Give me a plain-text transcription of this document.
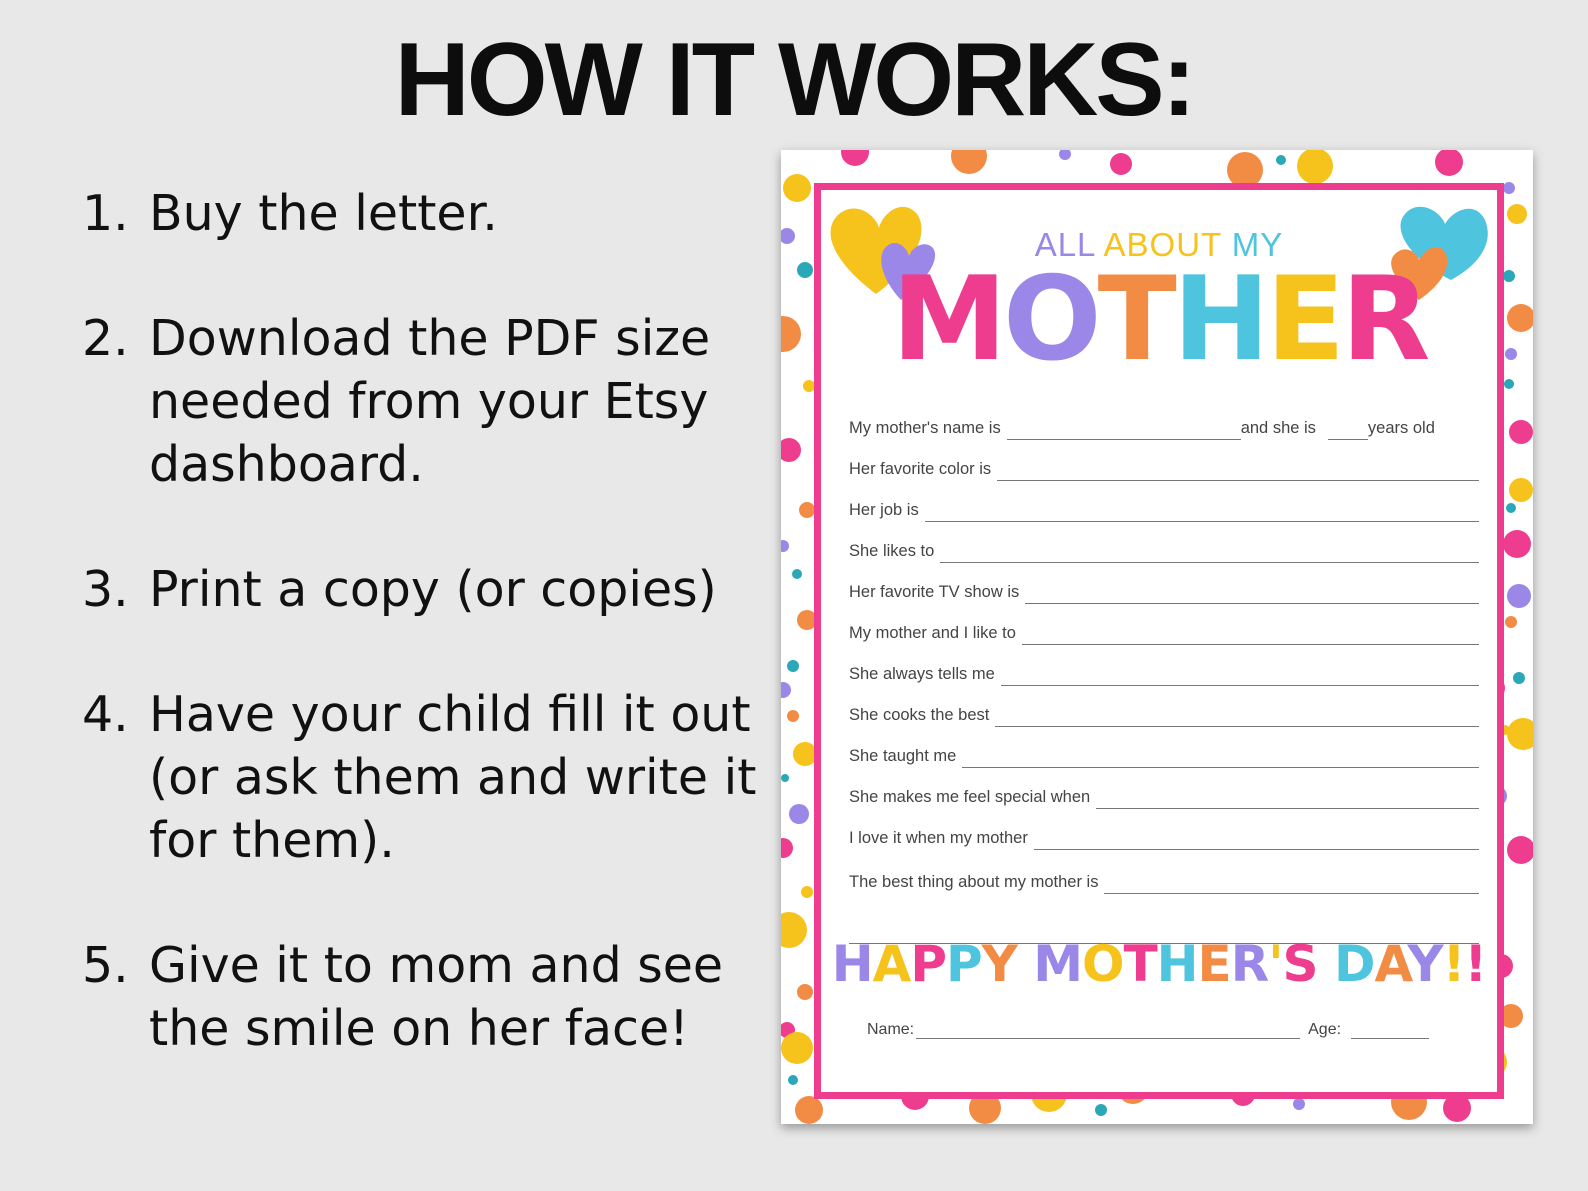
HOW IT WORKS:
1. Buy the letter.
2. Download the PDF size needed from your Etsy dashboard.
3. Print a copy (or copies)
4. Have your child fill it out (or ask them and write it for them).
5. Give it to mom and see the smile on her face!
ALL ABOUT MY
MOTHER
My mother's name is	and she is	years old
Her favorite color is
Her job is
She likes to
Her favorite TV show is
My mother and I like to
She always tells me
She cooks the best
She taught me
She makes me feel special when
I love it when my mother
The best thing about my mother is
HAPPY MOTHER'S DAY!!
Name:	Age:
